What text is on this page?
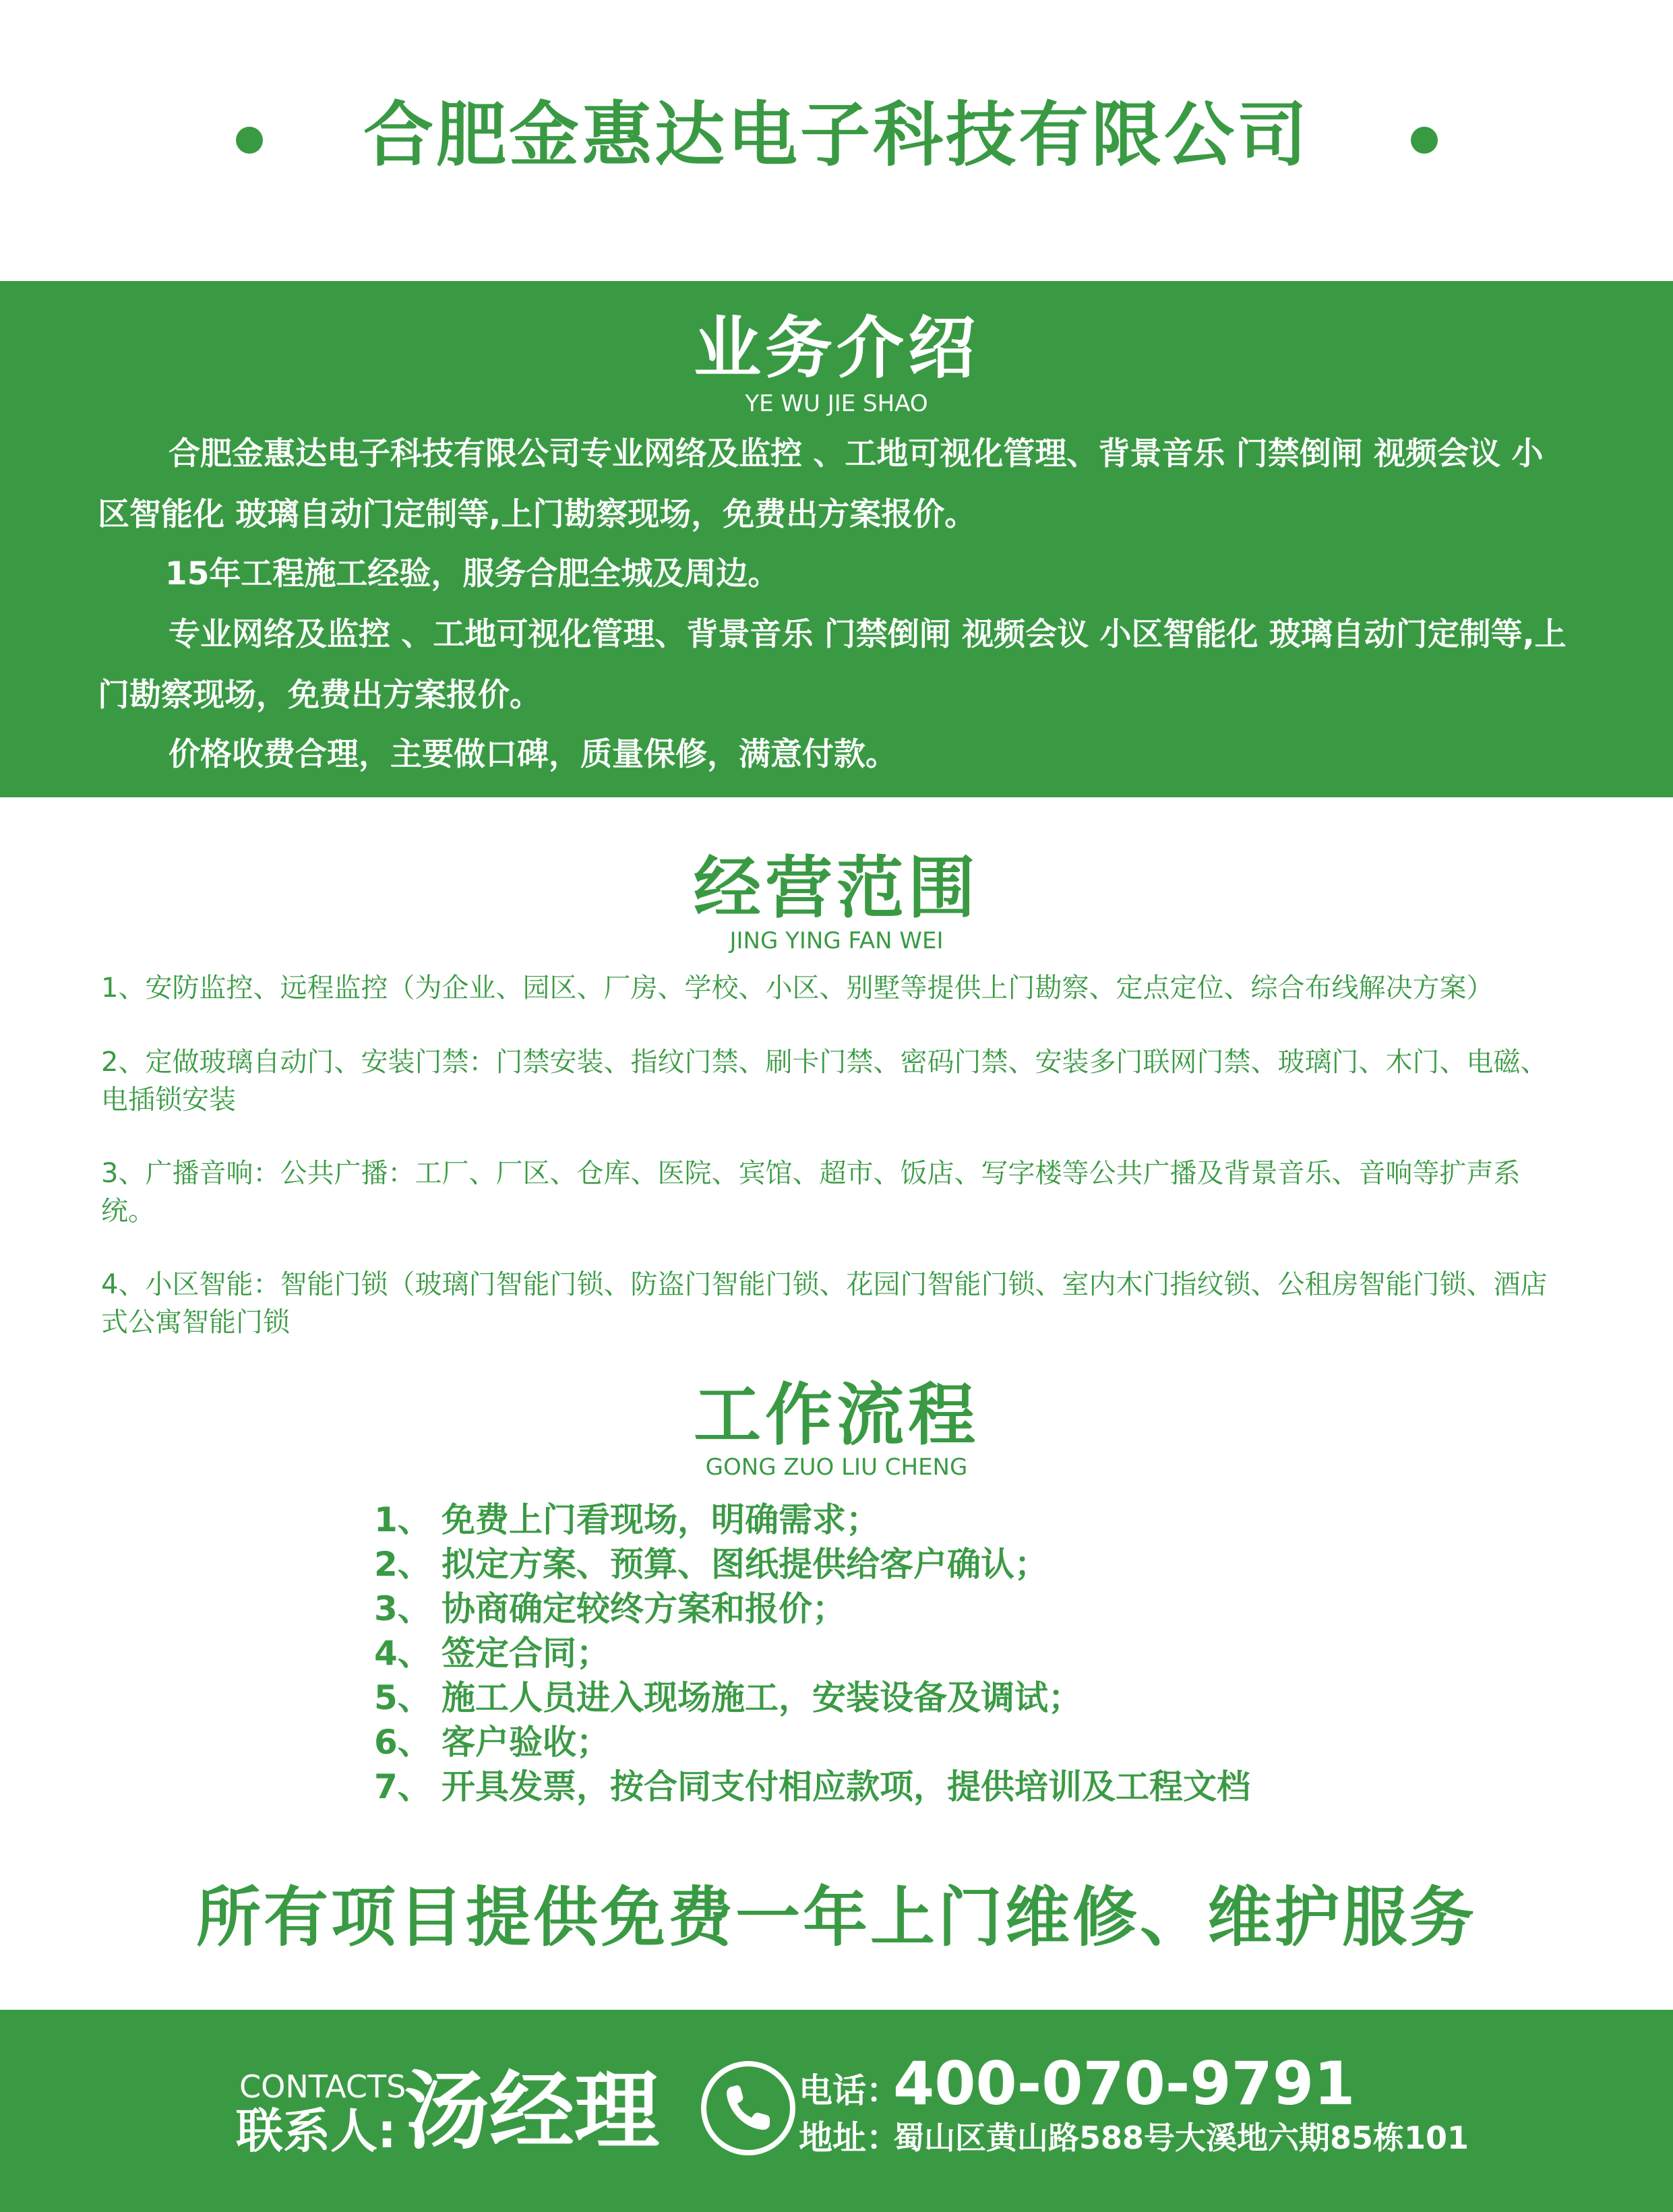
合肥金惠达电子科技有限公司
业务介绍
YE WU JIE SHAO
合肥金惠达电子科技有限公司专业网络及监控 、工地可视化管理、背景音乐 门禁倒闸 视频会议 小区智能化 玻璃自动门定制等,上门勘察现场，免费出方案报价。
15年工程施工经验，服务合肥全城及周边。
专业网络及监控 、工地可视化管理、背景音乐 门禁倒闸 视频会议 小区智能化 玻璃自动门定制等,上门勘察现场，免费出方案报价。
价格收费合理，主要做口碑，质量保修，满意付款。
经营范围
JING YING FAN WEI
1、安防监控、远程监控（为企业、园区、厂房、学校、小区、别墅等提供上门勘察、定点定位、综合布线解决方案）
2、定做玻璃自动门、安装门禁：门禁安装、指纹门禁、刷卡门禁、密码门禁、安装多门联网门禁、玻璃门、木门、电磁、电插锁安装
3、广播音响：公共广播：工厂、厂区、仓库、医院、宾馆、超市、饭店、写字楼等公共广播及背景音乐、音响等扩声系统。
4、小区智能：智能门锁（玻璃门智能门锁、防盗门智能门锁、花园门智能门锁、室内木门指纹锁、公租房智能门锁、酒店式公寓智能门锁
工作流程
GONG ZUO LIU CHENG
1、 免费上门看现场，明确需求；
2、 拟定方案、预算、图纸提供给客户确认；
3、 协商确定较终方案和报价；
4、 签定合同；
5、 施工人员进入现场施工，安装设备及调试；
6、 客户验收；
7、 开具发票，按合同支付相应款项，提供培训及工程文档
所有项目提供免费一年上门维修、维护服务
CONTACTS
联系人: 汤经理	电话：
400-070-9791
地址：
蜀山区黄山路588号大溪地六期85栋101
